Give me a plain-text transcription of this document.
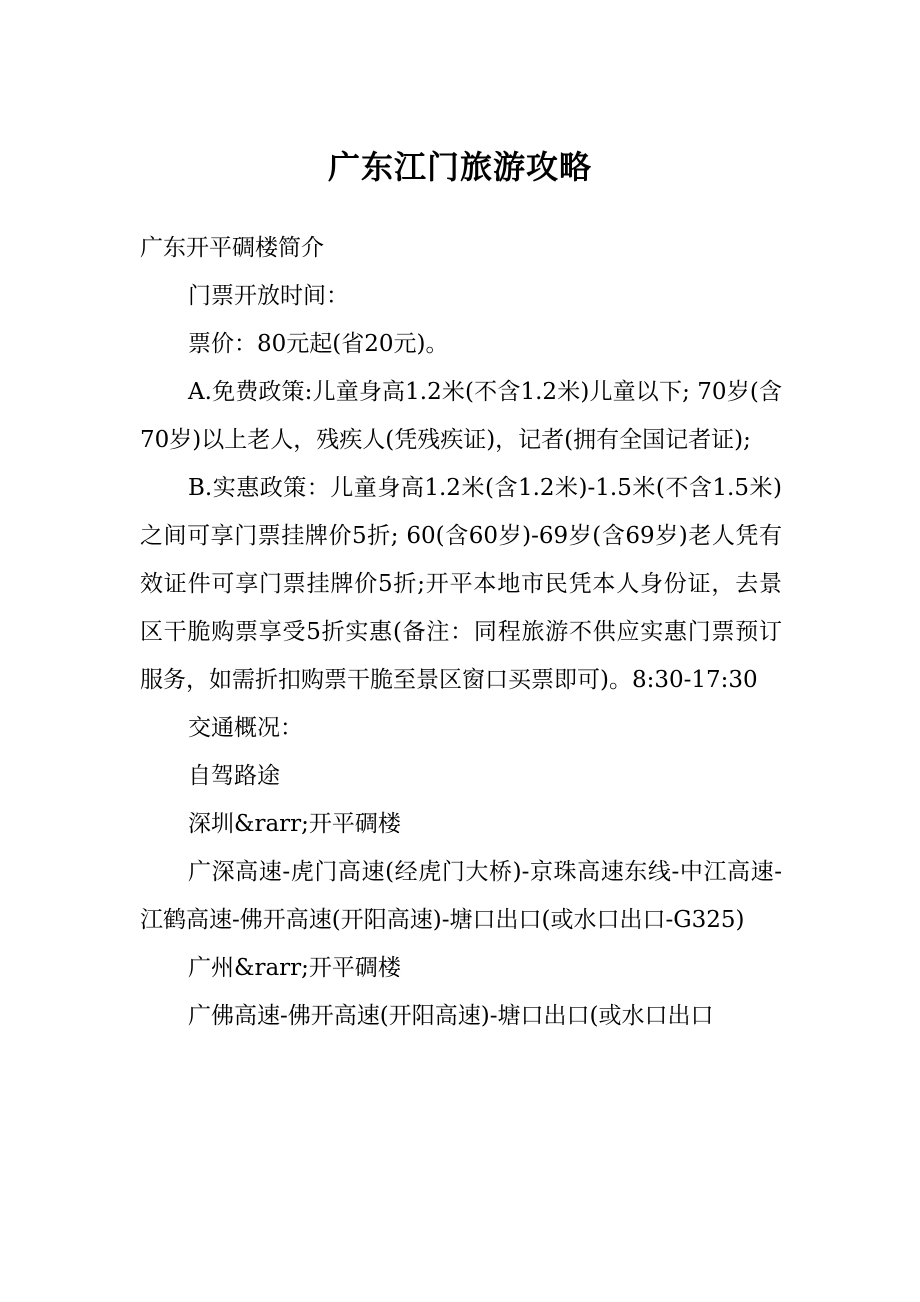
广东江门旅游攻略

广东开平碉楼简介

门票开放时间：

票价：80元起(省20元)。

A.免费政策:儿童身高1.2米(不含1.2米)儿童以下; 70岁(含70岁)以上老人，残疾人(凭残疾证)，记者(拥有全国记者证);

B.实惠政策：儿童身高1.2米(含1.2米)-1.5米(不含1.5米)之间可享门票挂牌价5折; 60(含60岁)-69岁(含69岁)老人凭有效证件可享门票挂牌价5折;开平本地市民凭本人身份证，去景区干脆购票享受5折实惠(备注：同程旅游不供应实惠门票预订服务，如需折扣购票干脆至景区窗口买票即可)。8:30-17:30

交通概况：

自驾路途

深圳&rarr;开平碉楼

广深高速-虎门高速(经虎门大桥)-京珠高速东线-中江高速-江鹤高速-佛开高速(开阳高速)-塘口出口(或水口出口-G325)

广州&rarr;开平碉楼

广佛高速-佛开高速(开阳高速)-塘口出口(或水口出口
